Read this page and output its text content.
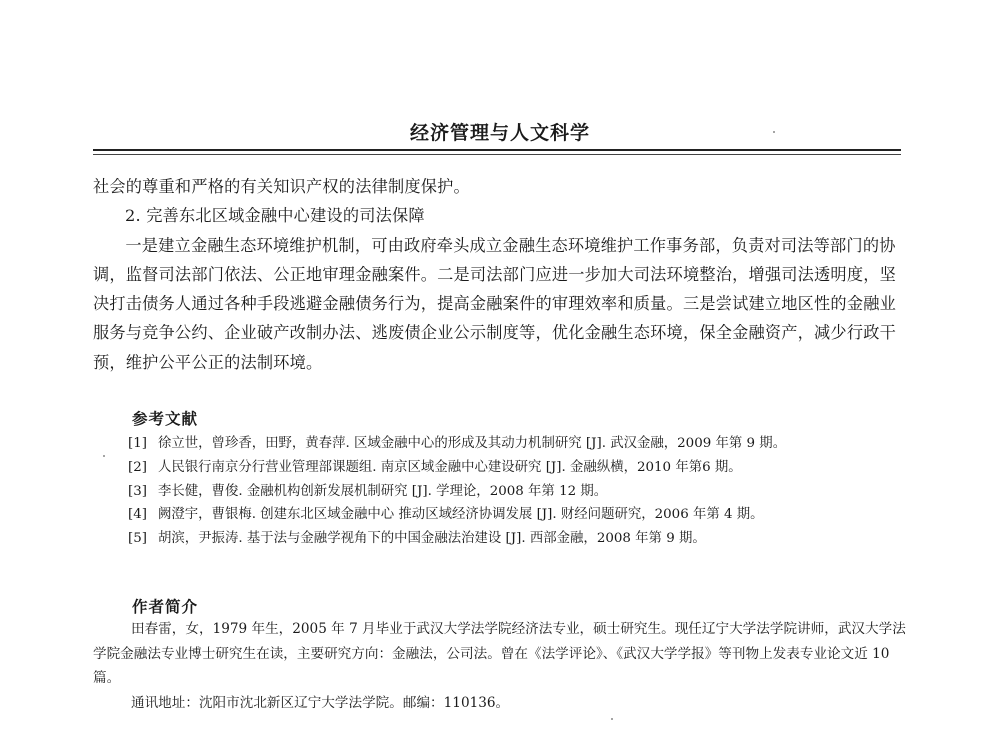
经济管理与人文科学

社会的尊重和严格的有关知识产权的法律制度保护。

2. 完善东北区域金融中心建设的司法保障

一是建立金融生态环境维护机制，可由政府牵头成立金融生态环境维护工作事务部，负责对司法等部门的协调，监督司法部门依法、公正地审理金融案件。二是司法部门应进一步加大司法环境整治，增强司法透明度，坚决打击债务人通过各种手段逃避金融债务行为，提高金融案件的审理效率和质量。三是尝试建立地区性的金融业服务与竞争公约、企业破产改制办法、逃废债企业公示制度等，优化金融生态环境，保全金融资产，减少行政干预，维护公平公正的法制环境。

参考文献
[1] 徐立世，曾珍香，田野，黄春萍. 区域金融中心的形成及其动力机制研究 [J]. 武汉金融，2009 年第 9 期。
[2] 人民银行南京分行营业管理部课题组. 南京区域金融中心建设研究 [J]. 金融纵横，2010 年第6 期。
[3] 李长健，曹俊. 金融机构创新发展机制研究 [J]. 学理论，2008 年第 12 期。
[4] 阙澄宇，曹银梅. 创建东北区域金融中心 推动区域经济协调发展 [J]. 财经问题研究，2006 年第 4 期。
[5] 胡滨，尹振涛. 基于法与金融学视角下的中国金融法治建设 [J]. 西部金融，2008 年第 9 期。
作者简介

田春雷，女，1979 年生，2005 年 7 月毕业于武汉大学法学院经济法专业，硕士研究生。现任辽宁大学法学院讲师，武汉大学法学院金融法专业博士研究生在读，主要研究方向：金融法，公司法。曾在《法学评论》、《武汉大学学报》等刊物上发表专业论文近 10篇。

通讯地址：沈阳市沈北新区辽宁大学法学院。邮编：110136。
